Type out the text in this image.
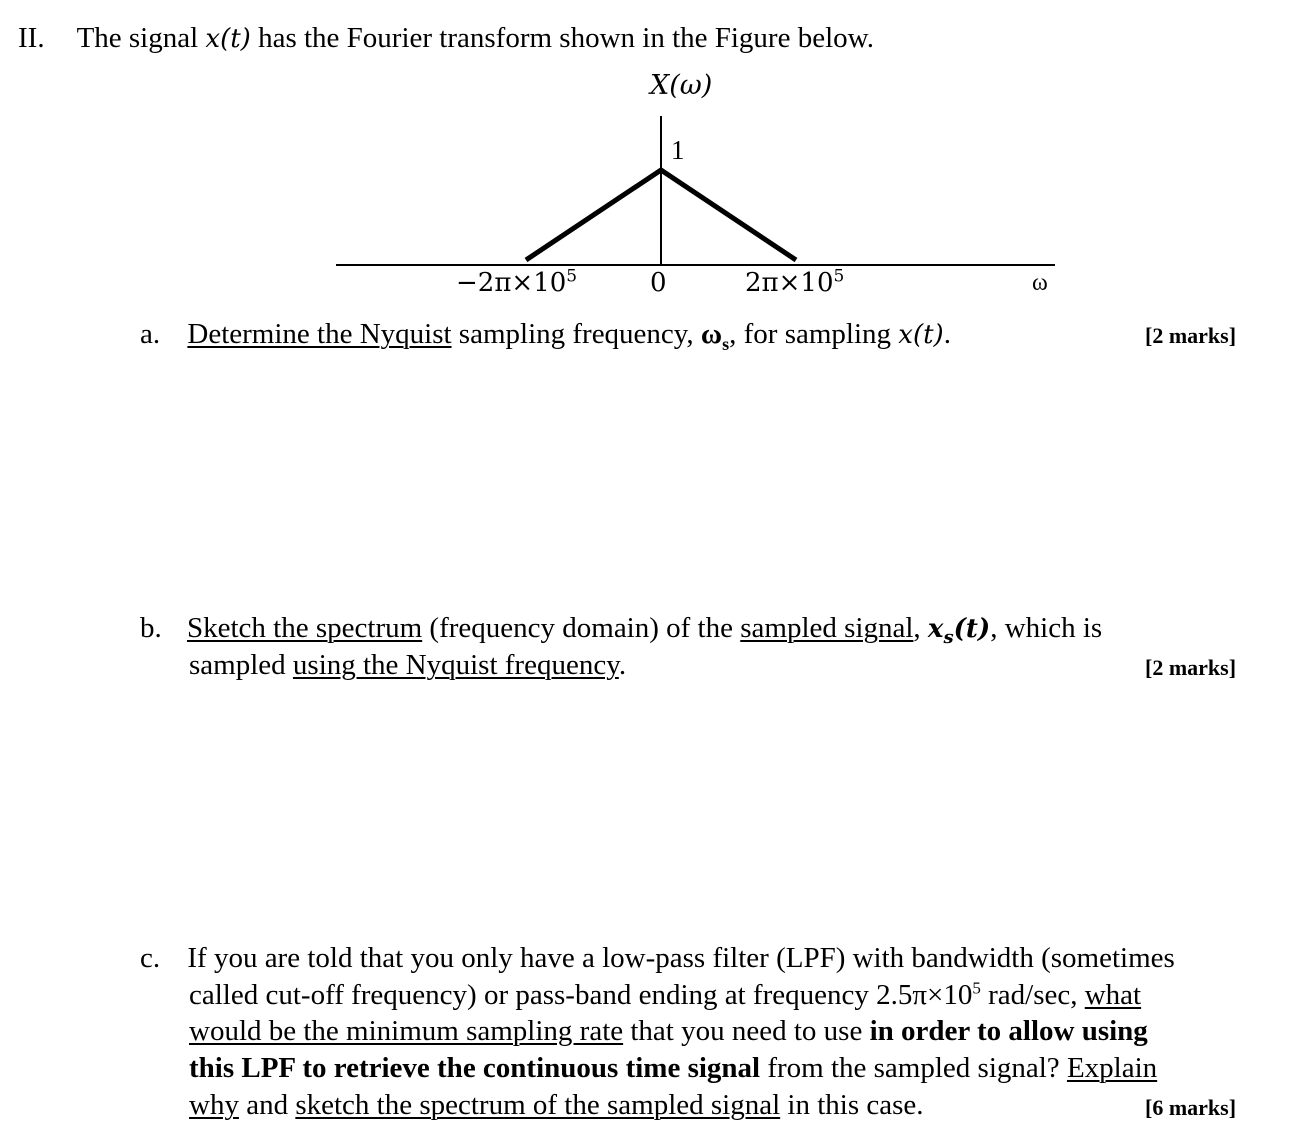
II. The signal x(t) has the Fourier transform shown in the Figure below.
X(ω)
1
$-2\pi\times 10^5$	0	$2\pi\times 10^5$	ω
a. Determine the Nyquist sampling frequency, $\omega_s$, for sampling x(t).	[2 marks]
b. Sketch the spectrum (frequency domain) of the sampled signal, $x_s(t)$, which is
sampled using the Nyquist frequency.	[2 marks]
c. If you are told that you only have a low-pass filter (LPF) with bandwidth (sometimes
called cut-off frequency) or pass-band ending at frequency $2.5\pi\times 10^5$ rad/sec, what
would be the minimum sampling rate that you need to use in order to allow using
this LPF to retrieve the continuous time signal from the sampled signal? Explain
why and sketch the spectrum of the sampled signal in this case.	[6 marks]
